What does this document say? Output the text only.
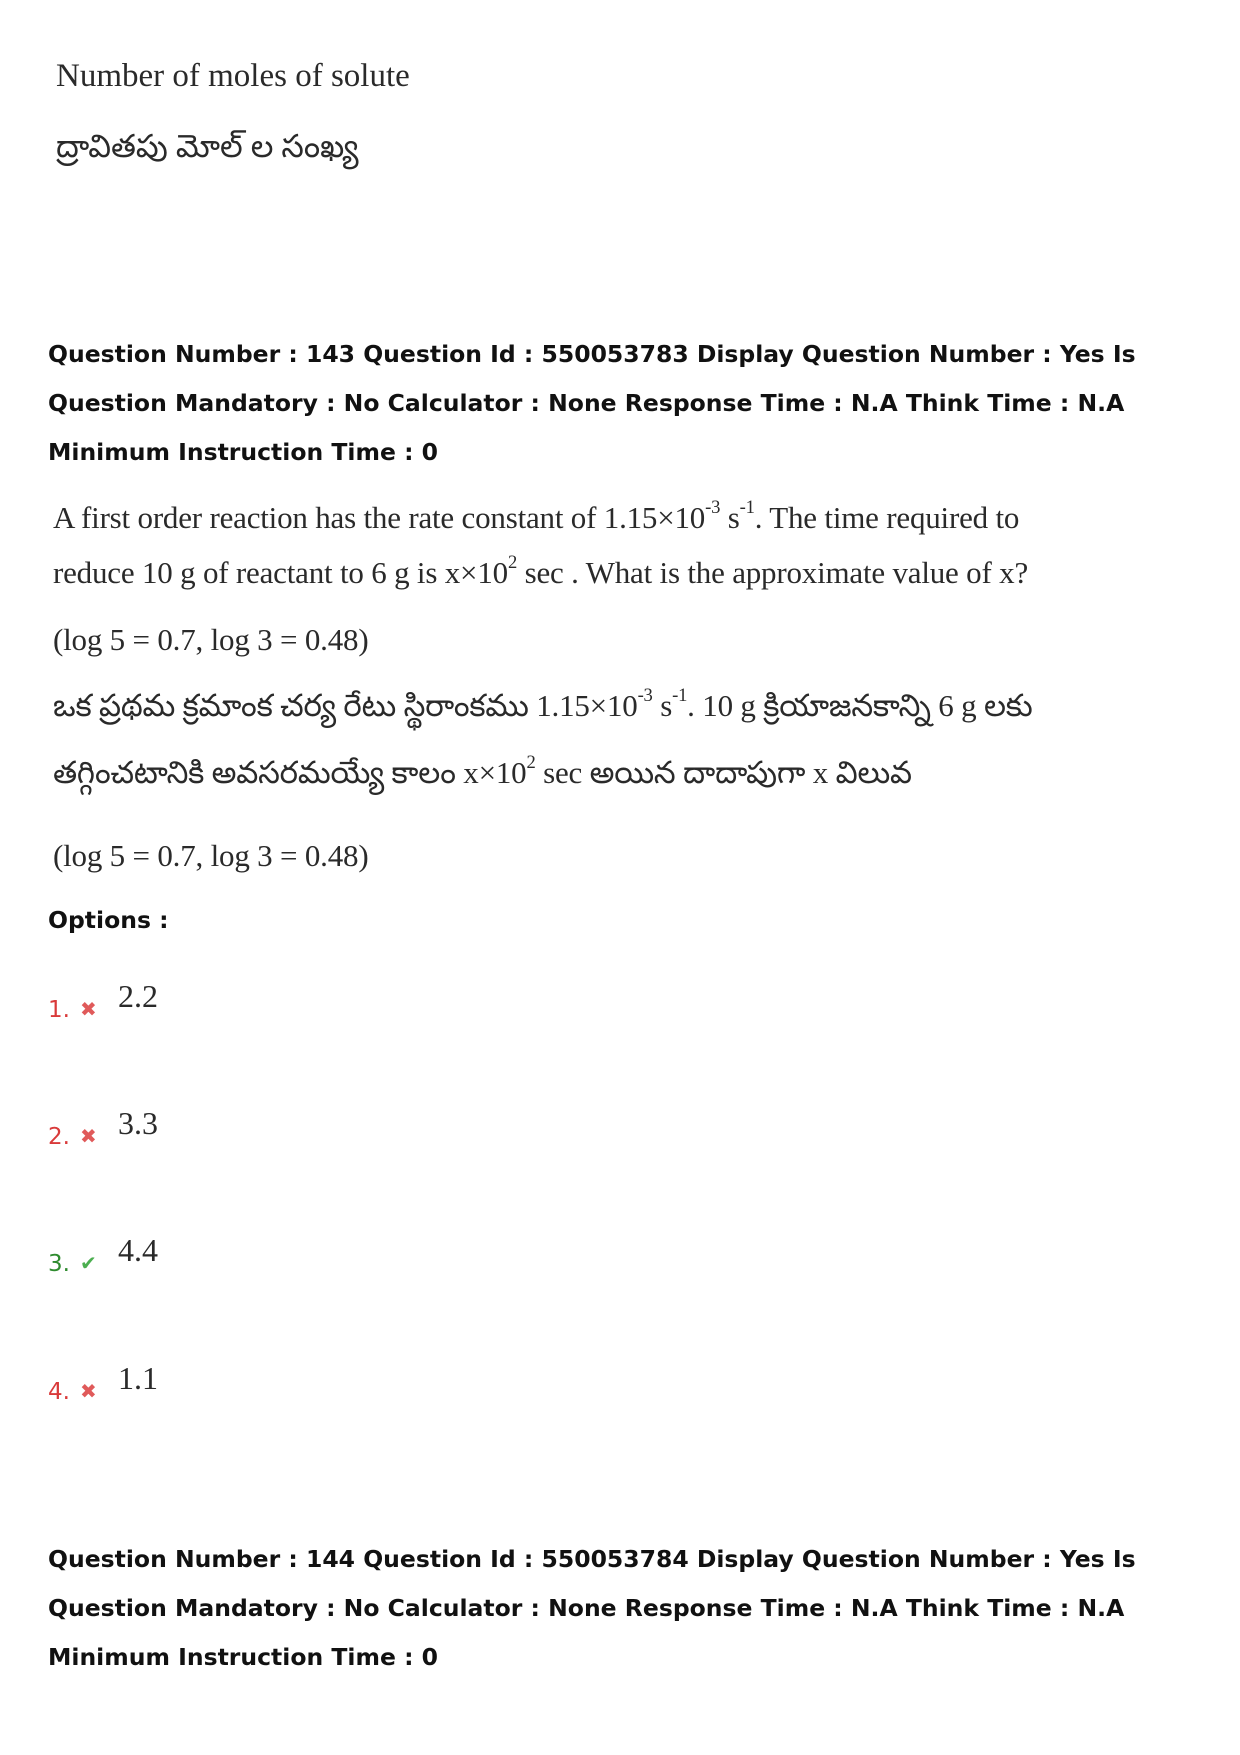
Number of moles of solute
ద్రావితపు మోల్ ల సంఖ్య
Question Number : 143 Question Id : 550053783 Display Question Number : Yes Is Question Mandatory : No Calculator : None Response Time : N.A Think Time : N.A Minimum Instruction Time : 0
A first order reaction has the rate constant of $1.15\times 10^{-3}$ $s^{-1}$. The time required to
reduce 10 g of reactant to 6 g is $x\times 10^2$ sec . What is the approximate value of x?
(log 5 = 0.7, log 3 = 0.48)
ఒక ప్రథమ క్రమాంక చర్య రేటు స్థిరాంకము $1.15\times 10^{-3}$ $s^{-1}$. 10 g క్రియాజనకాన్ని 6 g లకు
తగ్గించటానికి అవసరమయ్యే కాలం $x\times 10^2$ sec అయిన దాదాపుగా x విలువ
(log 5 = 0.7, log 3 = 0.48)
Options :
1. ✖ 2.2
2. ✖ 3.3
3. ✔ 4.4
4. ✖ 1.1
Question Number : 144 Question Id : 550053784 Display Question Number : Yes Is Question Mandatory : No Calculator : None Response Time : N.A Think Time : N.A Minimum Instruction Time : 0
